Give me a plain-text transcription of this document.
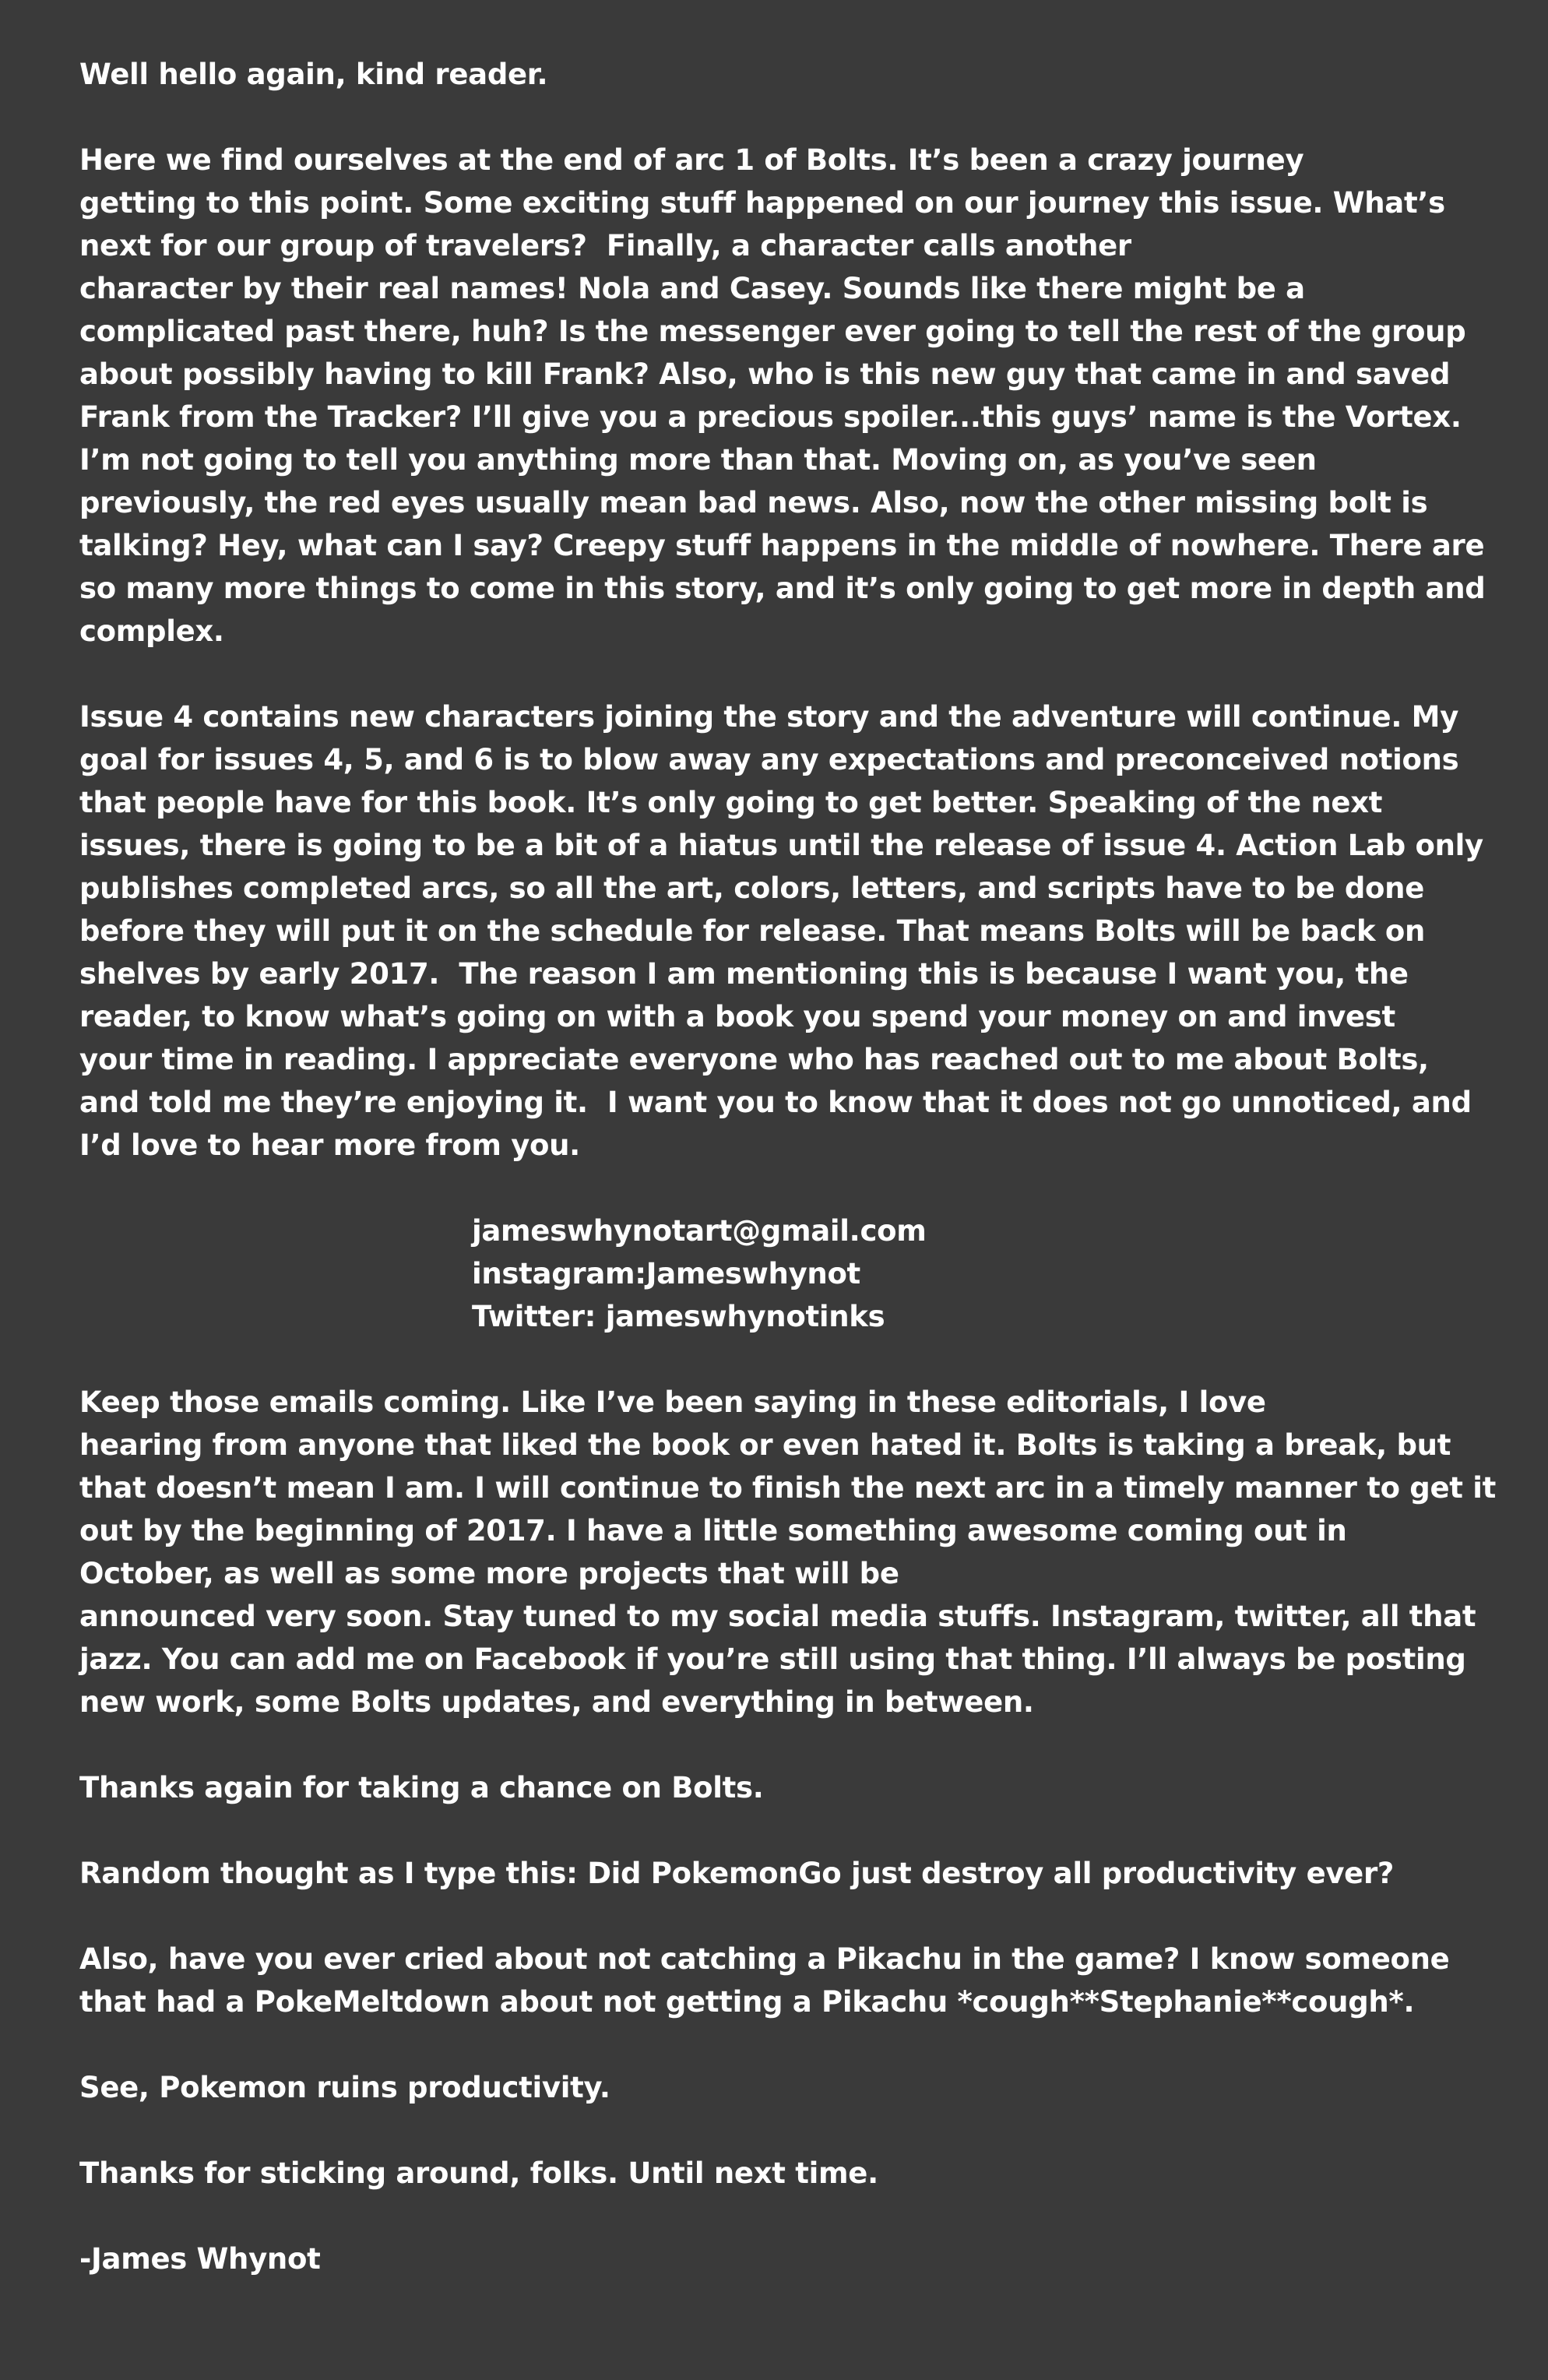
Well hello again, kind reader.
Here we find ourselves at the end of arc 1 of Bolts. It’s been a crazy journey
getting to this point. Some exciting stuff happened on our journey this issue. What’s
next for our group of travelers?  Finally, a character calls another
character by their real names! Nola and Casey. Sounds like there might be a
complicated past there, huh? Is the messenger ever going to tell the rest of the group
about possibly having to kill Frank? Also, who is this new guy that came in and saved
Frank from the Tracker? I’ll give you a precious spoiler...this guys’ name is the Vortex.
I’m not going to tell you anything more than that. Moving on, as you’ve seen
previously, the red eyes usually mean bad news. Also, now the other missing bolt is
talking? Hey, what can I say? Creepy stuff happens in the middle of nowhere. There are
so many more things to come in this story, and it’s only going to get more in depth and
complex.
Issue 4 contains new characters joining the story and the adventure will continue. My
goal for issues 4, 5, and 6 is to blow away any expectations and preconceived notions
that people have for this book. It’s only going to get better. Speaking of the next
issues, there is going to be a bit of a hiatus until the release of issue 4. Action Lab only
publishes completed arcs, so all the art, colors, letters, and scripts have to be done
before they will put it on the schedule for release. That means Bolts will be back on
shelves by early 2017.  The reason I am mentioning this is because I want you, the
reader, to know what’s going on with a book you spend your money on and invest
your time in reading. I appreciate everyone who has reached out to me about Bolts,
and told me they’re enjoying it.  I want you to know that it does not go unnoticed, and
I’d love to hear more from you.
jameswhynotart@gmail.com
instagram:Jameswhynot
Twitter: jameswhynotinks
Keep those emails coming. Like I’ve been saying in these editorials, I love
hearing from anyone that liked the book or even hated it. Bolts is taking a break, but
that doesn’t mean I am. I will continue to finish the next arc in a timely manner to get it
out by the beginning of 2017. I have a little something awesome coming out in
October, as well as some more projects that will be
announced very soon. Stay tuned to my social media stuffs. Instagram, twitter, all that
jazz. You can add me on Facebook if you’re still using that thing. I’ll always be posting
new work, some Bolts updates, and everything in between.
Thanks again for taking a chance on Bolts.
Random thought as I type this: Did PokemonGo just destroy all productivity ever?
Also, have you ever cried about not catching a Pikachu in the game? I know someone
that had a PokeMeltdown about not getting a Pikachu *cough**Stephanie**cough*.
See, Pokemon ruins productivity.
Thanks for sticking around, folks. Until next time.
-James Whynot
